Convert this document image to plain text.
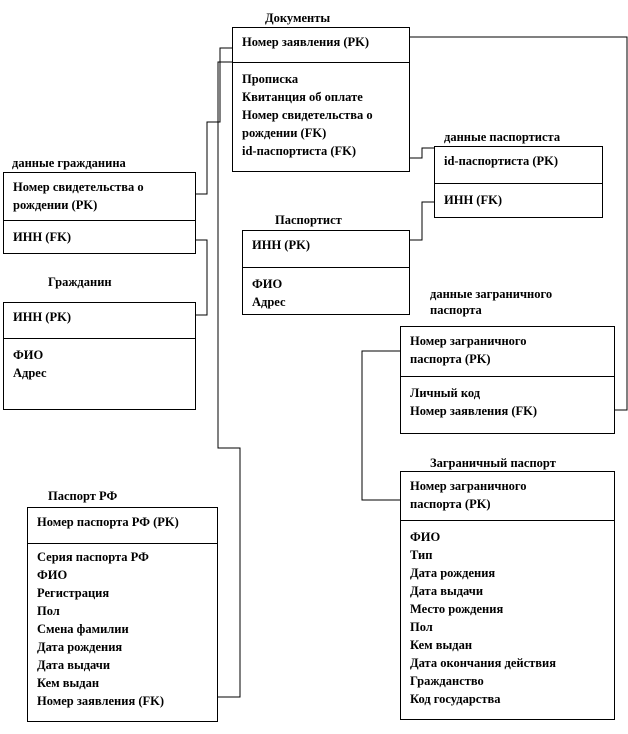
Документы
Номер заявления (PK)
Прописка
Квитанция об оплате
Номер свидетельства о
рождении (FK)
id-паспортиста (FK)
данные гражданина
Номер свидетельства о
рождении (PK)
ИНН (FK)
Гражданин
ИНН (PK)
ФИО
Адрес
данные паспортиста
id-паспортиста (PK)
ИНН (FK)
Паспортист
ИНН (PK)
ФИО
Адрес
данные заграничного
паспорта
Номер заграничного
паспорта (PK)
Личный код
Номер заявления (FK)
Заграничный паспорт
Номер заграничного
паспорта (PK)
ФИО
Тип
Дата рождения
Дата выдачи
Место рождения
Пол
Кем выдан
Дата окончания действия
Гражданство
Код государства
Паспорт РФ
Номер паспорта РФ (PK)
Серия паспорта РФ
ФИО
Регистрация
Пол
Смена фамилии
Дата рождения
Дата выдачи
Кем выдан
Номер заявления (FK)
